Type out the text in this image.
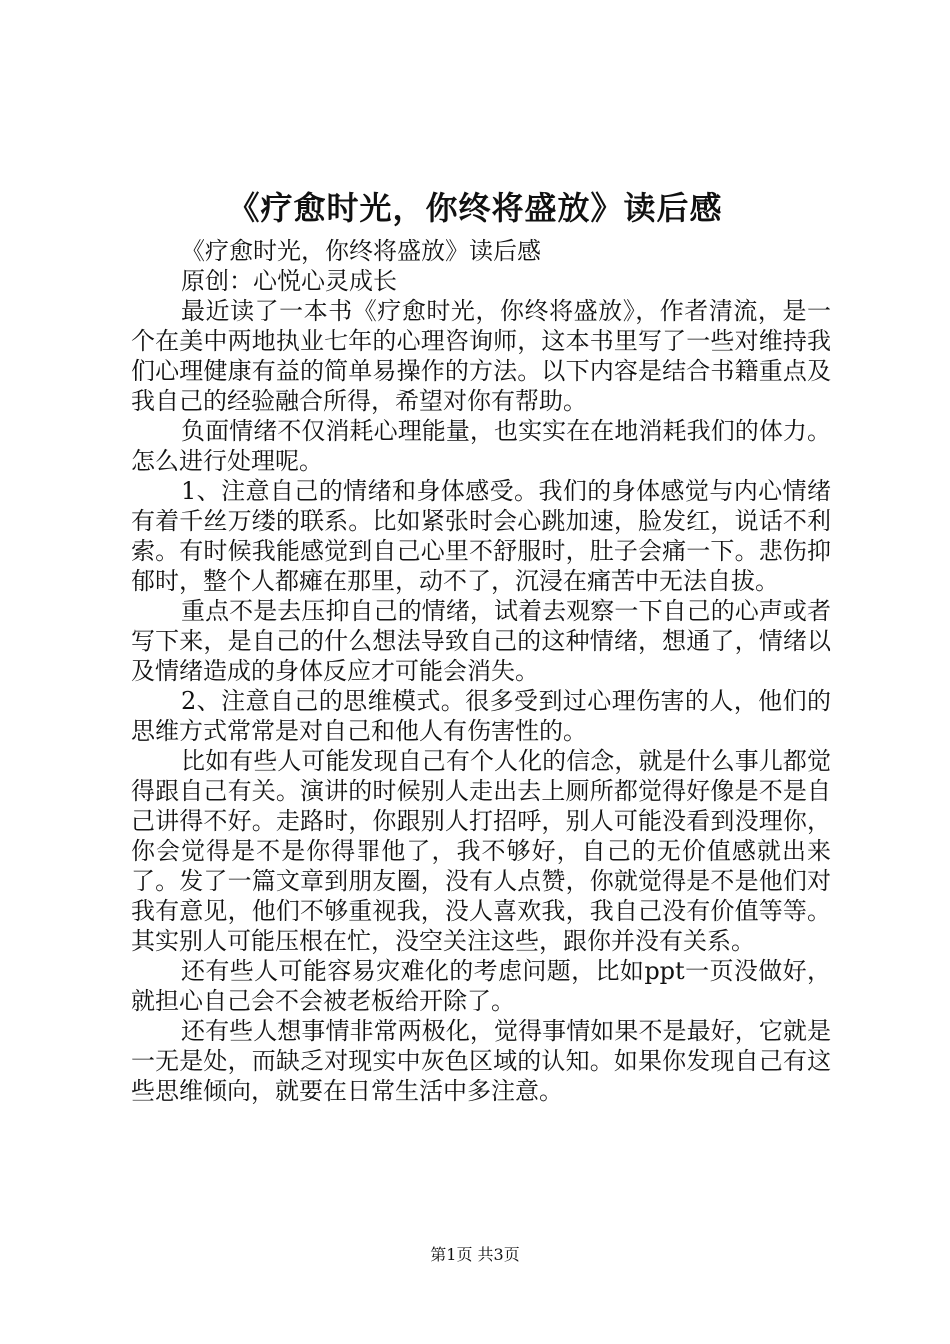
《疗愈时光，你终将盛放》读后感

《疗愈时光，你终将盛放》读后感

原创：心悦心灵成长

最近读了一本书《疗愈时光，你终将盛放》，作者清流，是一个在美中两地执业七年的心理咨询师，这本书里写了一些对维持我们心理健康有益的简单易操作的方法。以下内容是结合书籍重点及我自己的经验融合所得，希望对你有帮助。

负面情绪不仅消耗心理能量，也实实在在地消耗我们的体力。怎么进行处理呢。

1、注意自己的情绪和身体感受。我们的身体感觉与内心情绪有着千丝万缕的联系。比如紧张时会心跳加速，脸发红，说话不利索。有时候我能感觉到自己心里不舒服时，肚子会痛一下。悲伤抑郁时，整个人都瘫在那里，动不了，沉浸在痛苦中无法自拔。

重点不是去压抑自己的情绪，试着去观察一下自己的心声或者写下来，是自己的什么想法导致自己的这种情绪，想通了，情绪以及情绪造成的身体反应才可能会消失。

2、注意自己的思维模式。很多受到过心理伤害的人，他们的思维方式常常是对自己和他人有伤害性的。

比如有些人可能发现自己有个人化的信念，就是什么事儿都觉得跟自己有关。演讲的时候别人走出去上厕所都觉得好像是不是自己讲得不好。走路时，你跟别人打招呼，别人可能没看到没理你，你会觉得是不是你得罪他了，我不够好，自己的无价值感就出来了。发了一篇文章到朋友圈，没有人点赞，你就觉得是不是他们对我有意见，他们不够重视我，没人喜欢我，我自己没有价值等等。其实别人可能压根在忙，没空关注这些，跟你并没有关系。

还有些人可能容易灾难化的考虑问题，比如ppt一页没做好，就担心自己会不会被老板给开除了。

还有些人想事情非常两极化，觉得事情如果不是最好，它就是一无是处，而缺乏对现实中灰色区域的认知。如果你发现自己有这些思维倾向，就要在日常生活中多注意。

第1页 共3页
